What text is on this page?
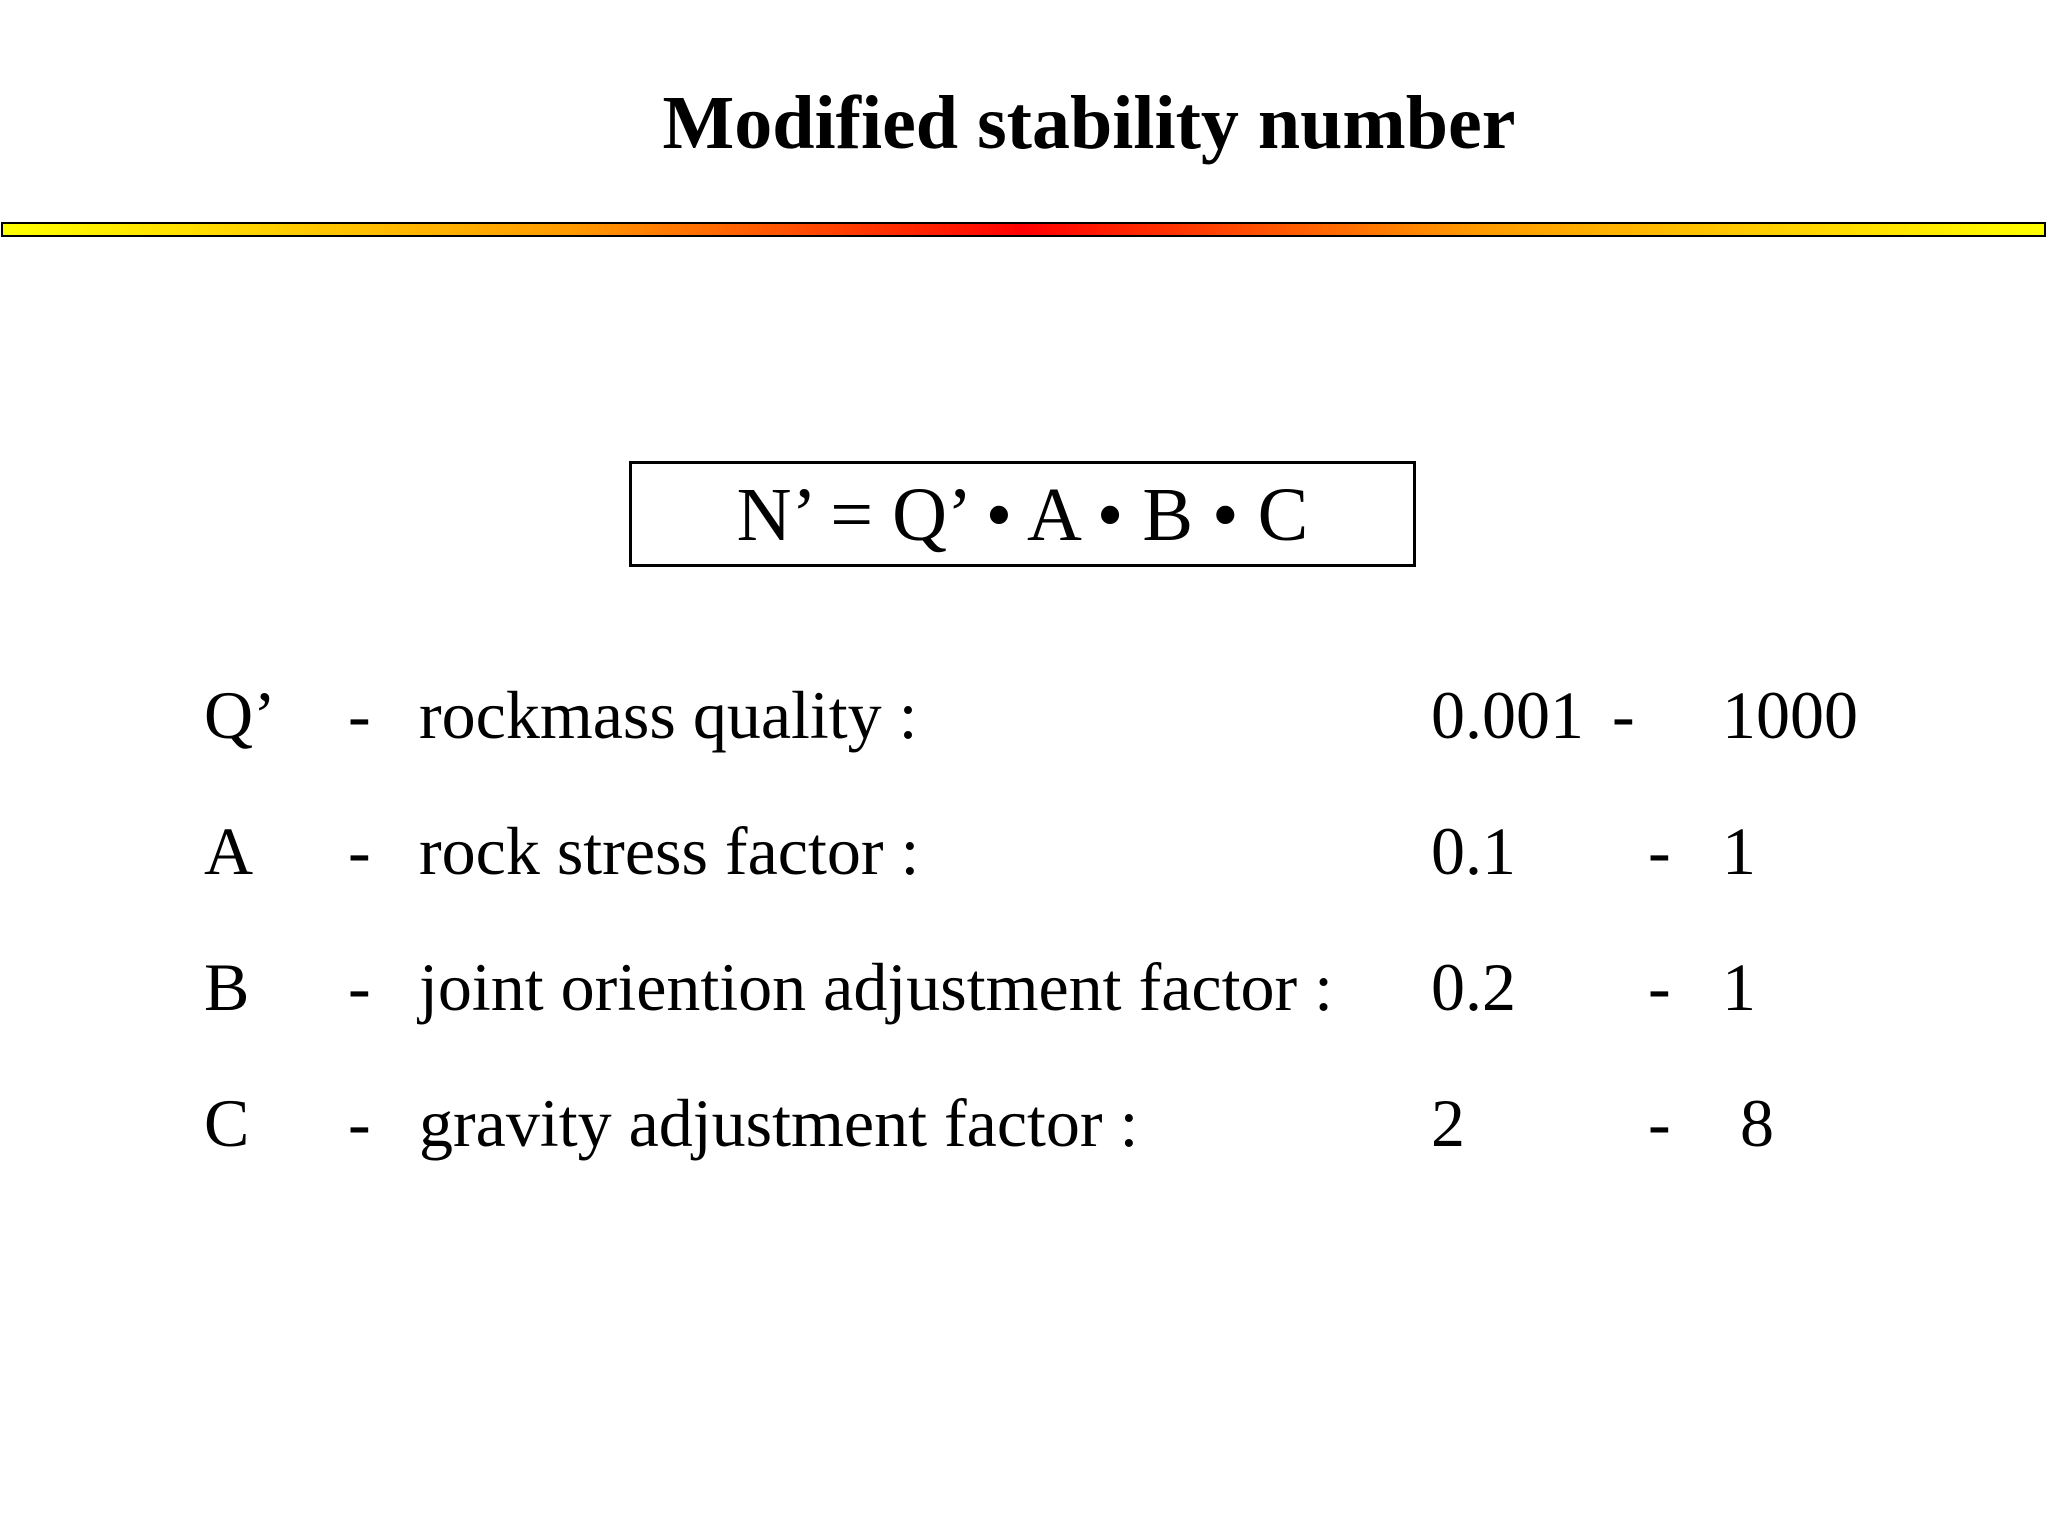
Modified stability number
N’ = Q’ • A • B • C
Q’ - rockmass quality :	0.001 - 1000
A - rock stress factor :	0.1 - 1
B - joint oriention adjustment factor : 0.2 - 1
C - gravity adjustment factor :	2	- 8
